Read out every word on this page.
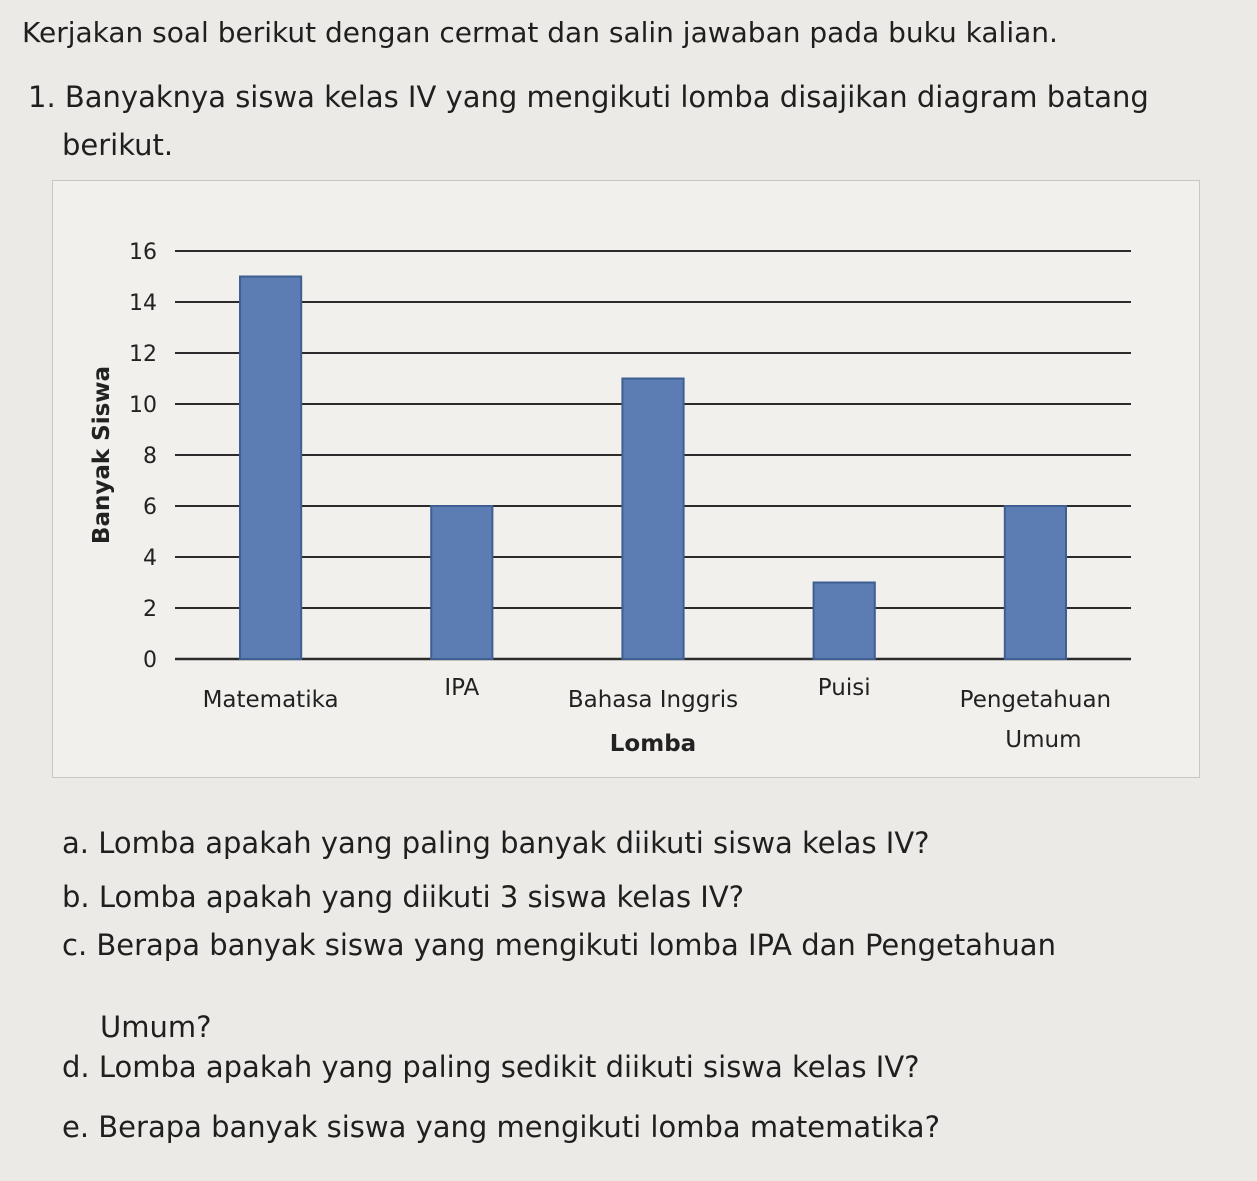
Kerjakan soal berikut dengan cermat dan salin jawaban pada buku kalian.

1. Banyaknya siswa kelas IV yang mengikuti lomba disajikan diagram batang

berikut.

0
2
4
6
8
10
12
14
16
Matematika	IPA	Bahasa Inggris	Puisi	Pengetahuan
Umum
Lomba
Banyak Siswa

a. Lomba apakah yang paling banyak diikuti siswa kelas IV?

b. Lomba apakah yang diikuti 3 siswa kelas IV?

c. Berapa banyak siswa yang mengikuti lomba IPA dan Pengetahuan

Umum?

d. Lomba apakah yang paling sedikit diikuti siswa kelas IV?

e. Berapa banyak siswa yang mengikuti lomba matematika?
